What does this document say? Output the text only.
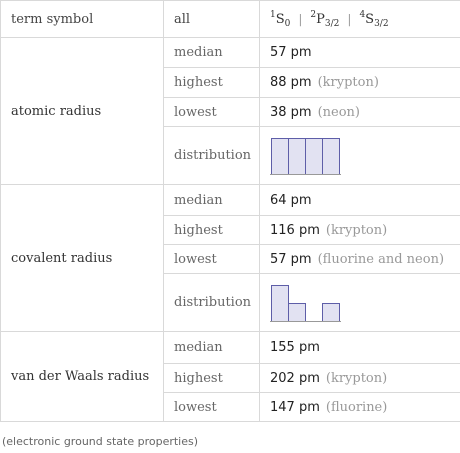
term symbol	all	$^1S_0$ | $^2P_{3/2}$ | $^4S_{3/2}$
atomic radius	median	57 pm
	highest	88 pm (krypton)
	lowest	38 pm (neon)
	distribution	

covalent radius	median	64 pm
	highest	116 pm (krypton)
	lowest	57 pm (fluorine and neon)
	distribution	

van der Waals radius	median	155 pm
	highest	202 pm (krypton)
	lowest	147 pm (fluorine)
(electronic ground state properties)
